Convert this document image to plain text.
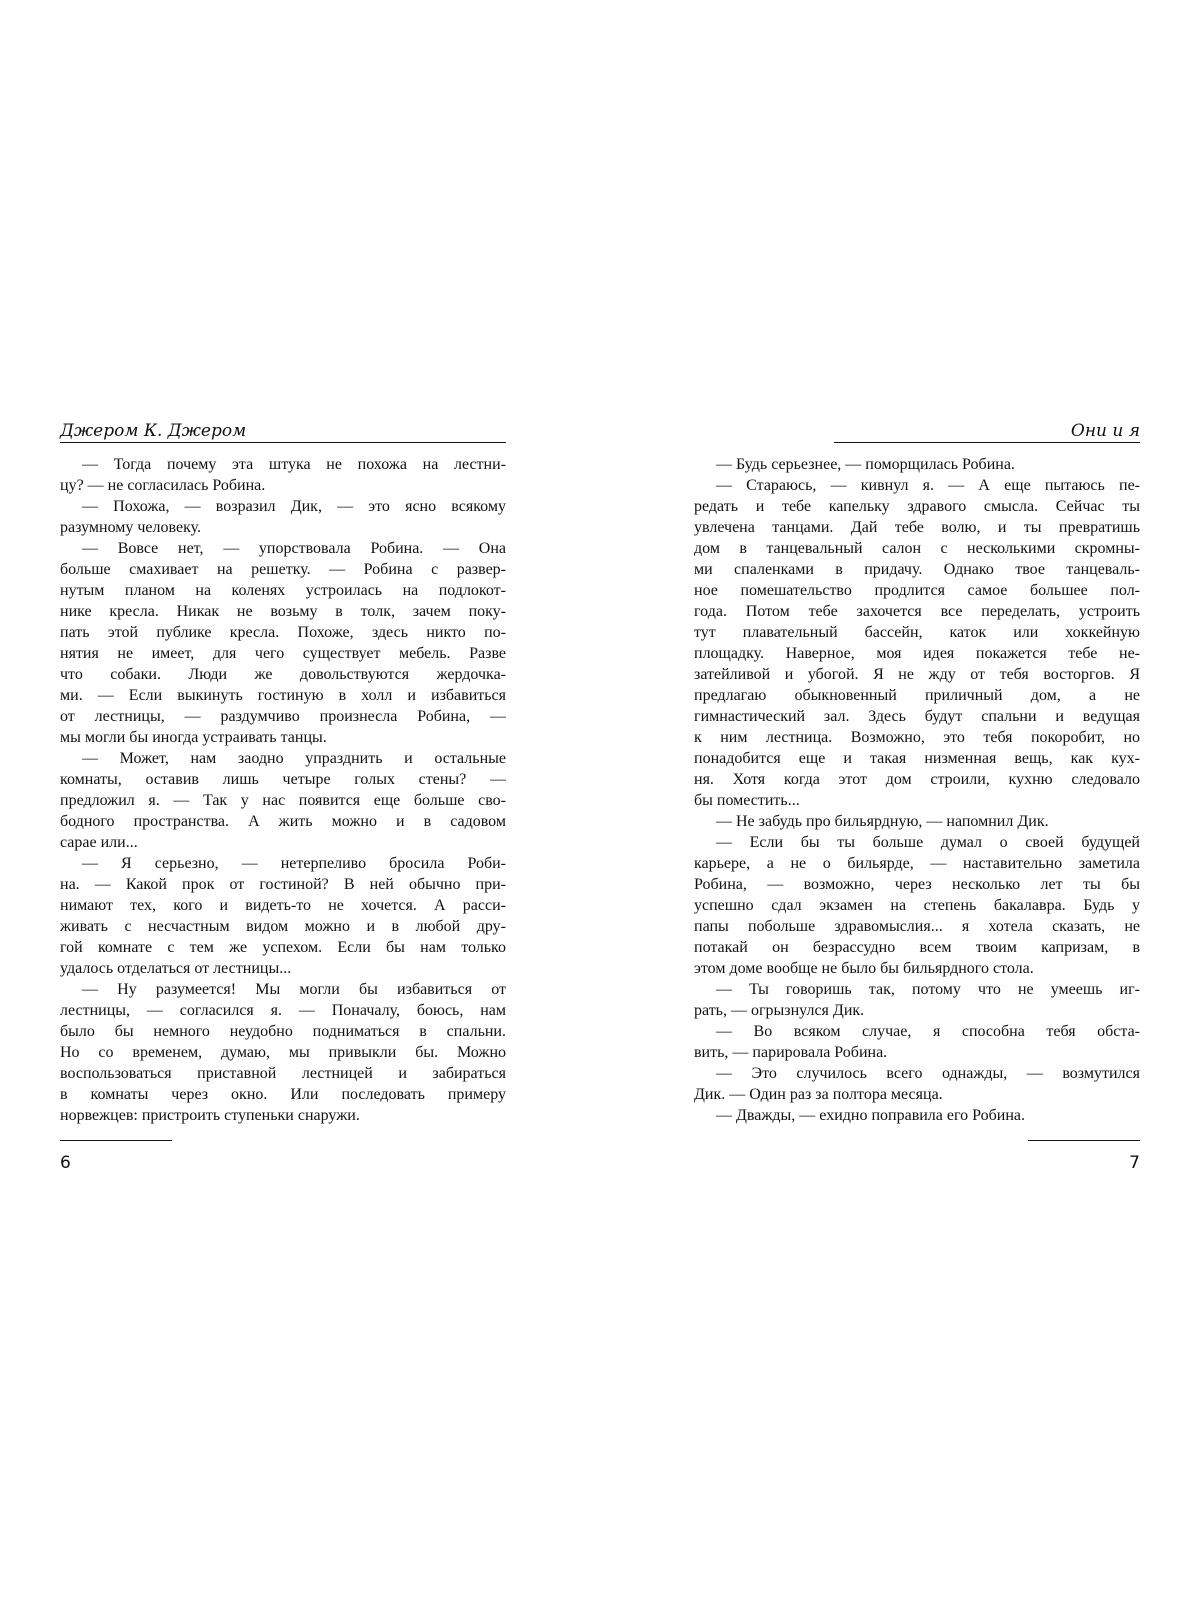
Джером К. Джером
— Тогда почему эта штука не похожа на лестни-
цу? — не согласилась Робина.
— Похожа, — возразил Дик, — это ясно всякому
разумному человеку.
— Вовсе нет, — упорствовала Робина. — Она
больше смахивает на решетку. — Робина с развер-
нутым планом на коленях устроилась на подлокот-
нике кресла. Никак не возьму в толк, зачем поку-
пать этой публике кресла. Похоже, здесь никто по-
нятия не имеет, для чего существует мебель. Разве
что собаки. Люди же довольствуются жердочка-
ми. — Если выкинуть гостиную в холл и избавиться
от лестницы, — раздумчиво произнесла Робина, —
мы могли бы иногда устраивать танцы.
— Может, нам заодно упразднить и остальные
комнаты, оставив лишь четыре голых стены? —
предложил я. — Так у нас появится еще больше сво-
бодного пространства. А жить можно и в садовом
сарае или...
— Я серьезно, — нетерпеливо бросила Роби-
на. — Какой прок от гостиной? В ней обычно при-
нимают тех, кого и видеть-то не хочется. А расси-
живать с несчастным видом можно и в любой дру-
гой комнате с тем же успехом. Если бы нам только
удалось отделаться от лестницы...
— Ну разумеется! Мы могли бы избавиться от
лестницы, — согласился я. — Поначалу, боюсь, нам
было бы немного неудобно подниматься в спальни.
Но со временем, думаю, мы привыкли бы. Можно
воспользоваться приставной лестницей и забираться
в комнаты через окно. Или последовать примеру
норвежцев: пристроить ступеньки снаружи.
6
Они и я
— Будь серьезнее, — поморщилась Робина.
— Стараюсь, — кивнул я. — А еще пытаюсь пе-
редать и тебе капельку здравого смысла. Сейчас ты
увлечена танцами. Дай тебе волю, и ты превратишь
дом в танцевальный салон с несколькими скромны-
ми спаленками в придачу. Однако твое танцеваль-
ное помешательство продлится самое большее пол-
года. Потом тебе захочется все переделать, устроить
тут плавательный бассейн, каток или хоккейную
площадку. Наверное, моя идея покажется тебе не-
затейливой и убогой. Я не жду от тебя восторгов. Я
предлагаю обыкновенный приличный дом, а не
гимнастический зал. Здесь будут спальни и ведущая
к ним лестница. Возможно, это тебя покоробит, но
понадобится еще и такая низменная вещь, как кух-
ня. Хотя когда этот дом строили, кухню следовало
бы поместить...
— Не забудь про бильярдную, — напомнил Дик.
— Если бы ты больше думал о своей будущей
карьере, а не о бильярде, — наставительно заметила
Робина, — возможно, через несколько лет ты бы
успешно сдал экзамен на степень бакалавра. Будь у
папы побольше здравомыслия... я хотела сказать, не
потакай он безрассудно всем твоим капризам, в
этом доме вообще не было бы бильярдного стола.
— Ты говоришь так, потому что не умеешь иг-
рать, — огрызнулся Дик.
— Во всяком случае, я способна тебя обста-
вить, — парировала Робина.
— Это случилось всего однажды, — возмутился
Дик. — Один раз за полтора месяца.
— Дважды, — ехидно поправила его Робина.
7
